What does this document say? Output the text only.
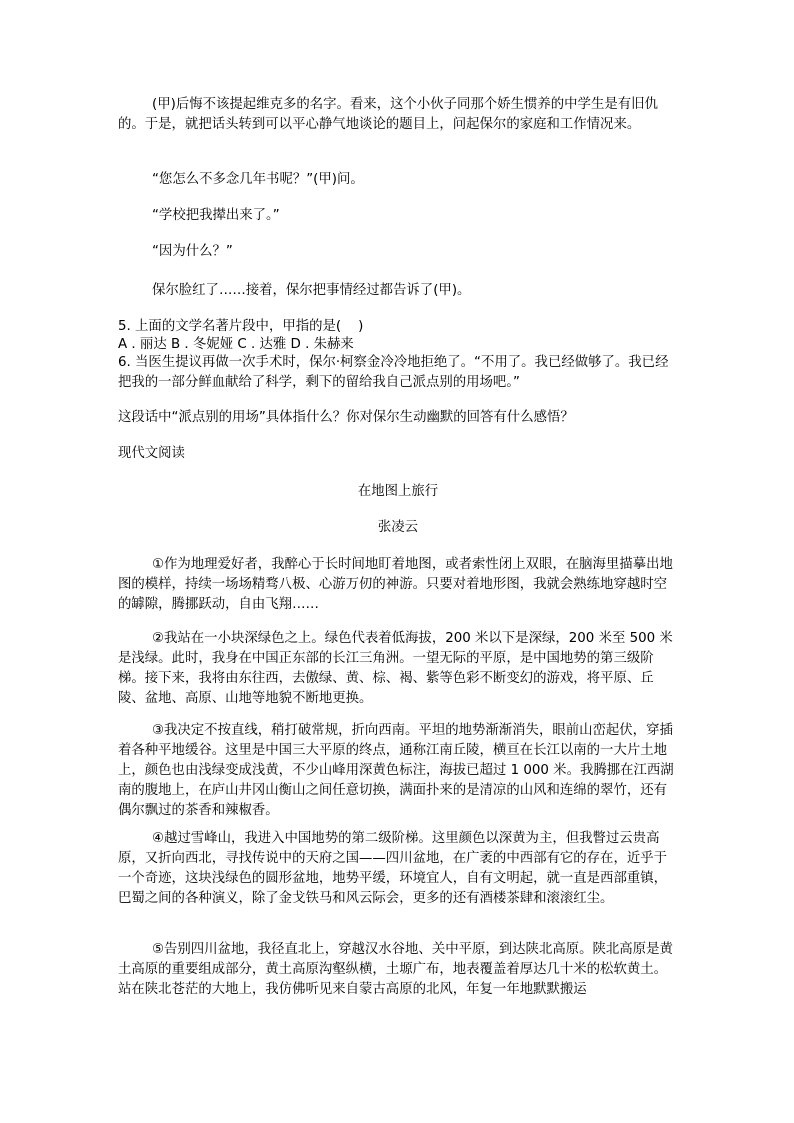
(甲)后悔不该提起维克多的名字。看来，这个小伙子同那个娇生惯养的中学生是有旧仇的。于是，就把话头转到可以平心静气地谈论的题目上，问起保尔的家庭和工作情况来。

“您怎么不多念几年书呢？”(甲)问。

“学校把我撵出来了。”

“因为什么？”

保尔脸红了……接着，保尔把事情经过都告诉了(甲)。

5. 上面的文学名著片段中，甲指的是(    )

A . 丽达 B . 冬妮娅 C . 达雅 D . 朱赫来

6. 当医生提议再做一次手术时，保尔·柯察金冷冷地拒绝了。“不用了。我已经做够了。我已经把我的一部分鲜血献给了科学，剩下的留给我自己派点别的用场吧。”

这段话中“派点别的用场”具体指什么？你对保尔生动幽默的回答有什么感悟？

现代文阅读

在地图上旅行

张凌云

①作为地理爱好者，我醉心于长时间地盯着地图，或者索性闭上双眼，在脑海里描摹出地图的模样，持续一场场精骛八极、心游万仞的神游。只要对着地形图，我就会熟练地穿越时空的罅隙，腾挪跃动，自由飞翔……

②我站在一小块深绿色之上。绿色代表着低海拔，200 米以下是深绿，200 米至 500 米是浅绿。此时，我身在中国正东部的长江三角洲。一望无际的平原，是中国地势的第三级阶梯。接下来，我将由东往西，去傲绿、黄、棕、褐、紫等色彩不断变幻的游戏，将平原、丘陵、盆地、高原、山地等地貌不断地更换。

③我决定不按直线，稍打破常规，折向西南。平坦的地势渐渐消失，眼前山峦起伏，穿插着各种平地缓谷。这里是中国三大平原的终点，通称江南丘陵，横亘在长江以南的一大片土地上，颜色也由浅绿变成浅黄，不少山峰用深黄色标注，海拔已超过 1 000 米。我腾挪在江西湖南的腹地上，在庐山井冈山衡山之间任意切换，满面扑来的是清凉的山风和连绵的翠竹，还有偶尔飘过的茶香和辣椒香。

④越过雪峰山，我进入中国地势的第二级阶梯。这里颜色以深黄为主，但我瞥过云贵高原，又折向西北，寻找传说中的天府之国——四川盆地，在广袤的中西部有它的存在，近乎于一个奇迹，这块浅绿色的圆形盆地，地势平缓，环境宜人，自有文明起，就一直是西部重镇，巴蜀之间的各种演义，除了金戈铁马和风云际会，更多的还有酒楼茶肆和滚滚红尘。

⑤告别四川盆地，我径直北上，穿越汉水谷地、关中平原，到达陕北高原。陕北高原是黄土高原的重要组成部分，黄土高原沟壑纵横，土塬广布，地表覆盖着厚达几十米的松软黄土。站在陕北苍茫的大地上，我仿佛听见来自蒙古高原的北风，年复一年地默默搬运
